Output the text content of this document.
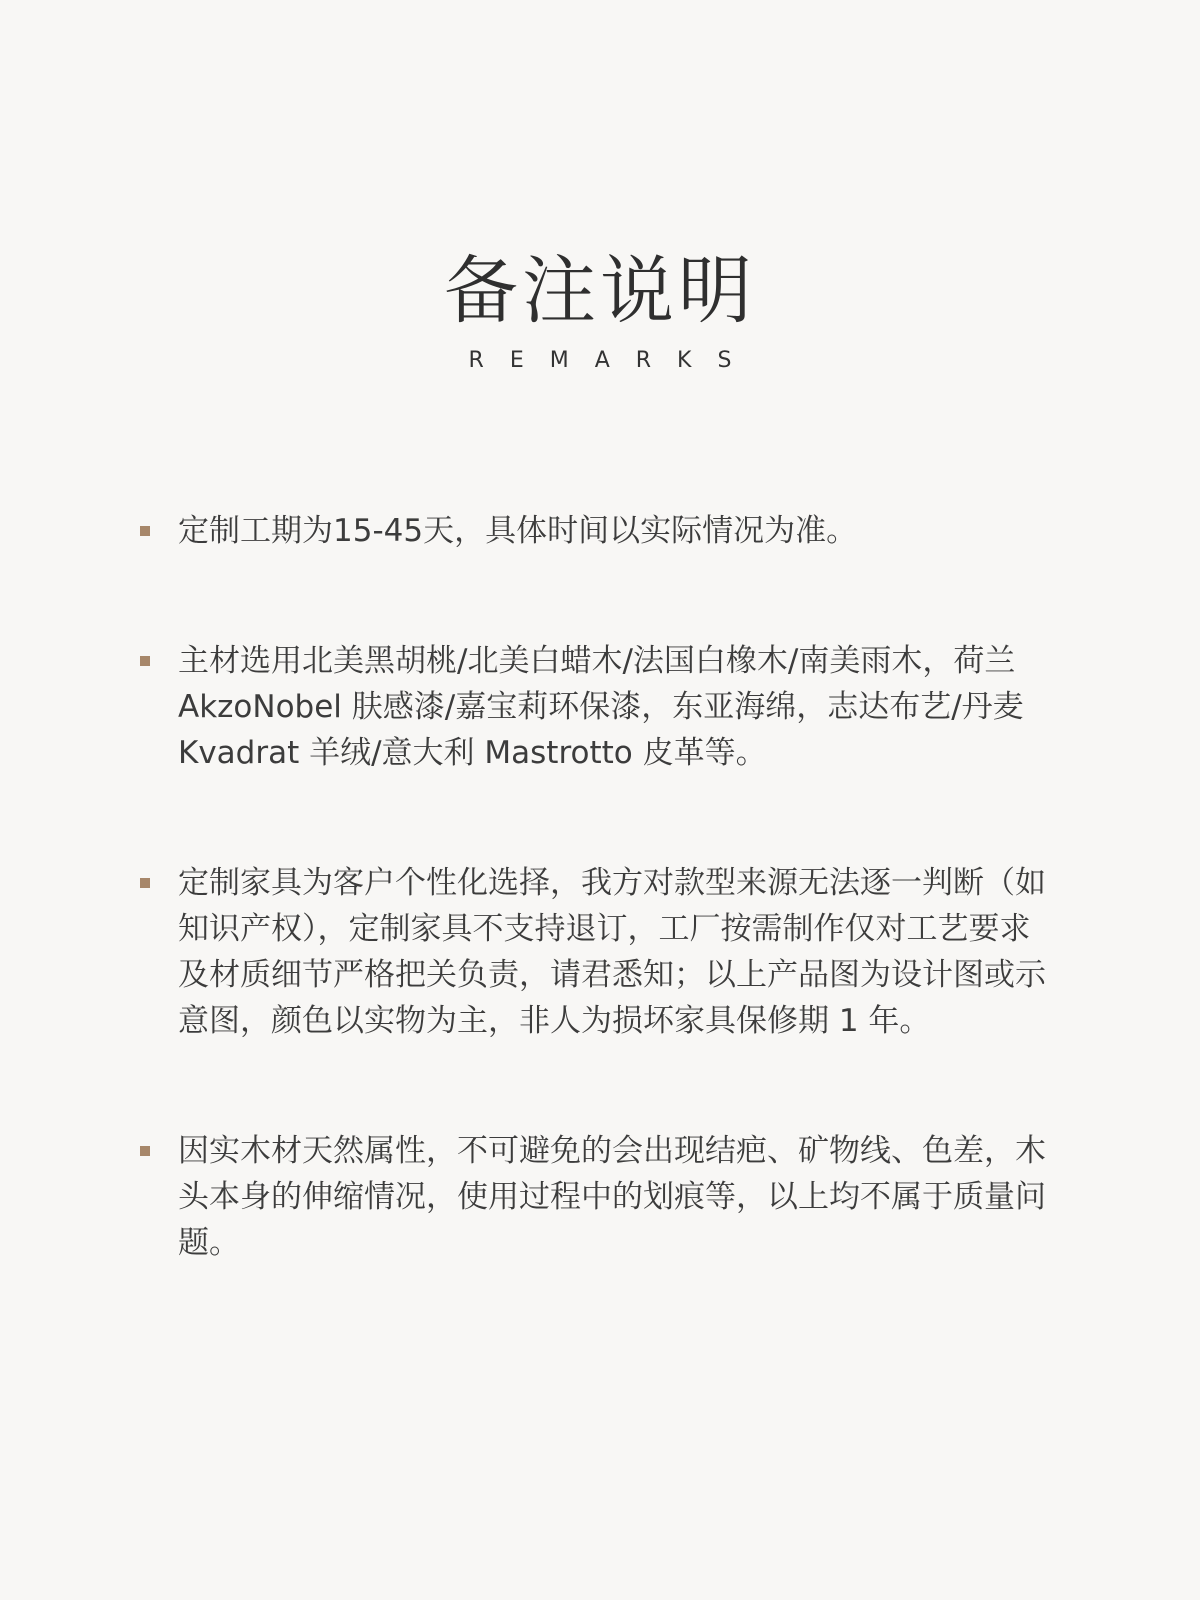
备注说明
REMARKS
定制工期为15-45天，具体时间以实际情况为准。
主材选用北美黑胡桃/北美白蜡木/法国白橡木/南美雨木，荷兰 AkzoNobel 肤感漆/嘉宝莉环保漆，东亚海绵，志达布艺/丹麦 Kvadrat 羊绒/意大利 Mastrotto 皮革等。
定制家具为客户个性化选择，我方对款型来源无法逐一判断（如知识产权），定制家具不支持退订，工厂按需制作仅对工艺要求及材质细节严格把关负责，请君悉知；以上产品图为设计图或示意图，颜色以实物为主，非人为损坏家具保修期 1 年。
因实木材天然属性，不可避免的会出现结疤、矿物线、色差，木头本身的伸缩情况，使用过程中的划痕等，以上均不属于质量问题。
